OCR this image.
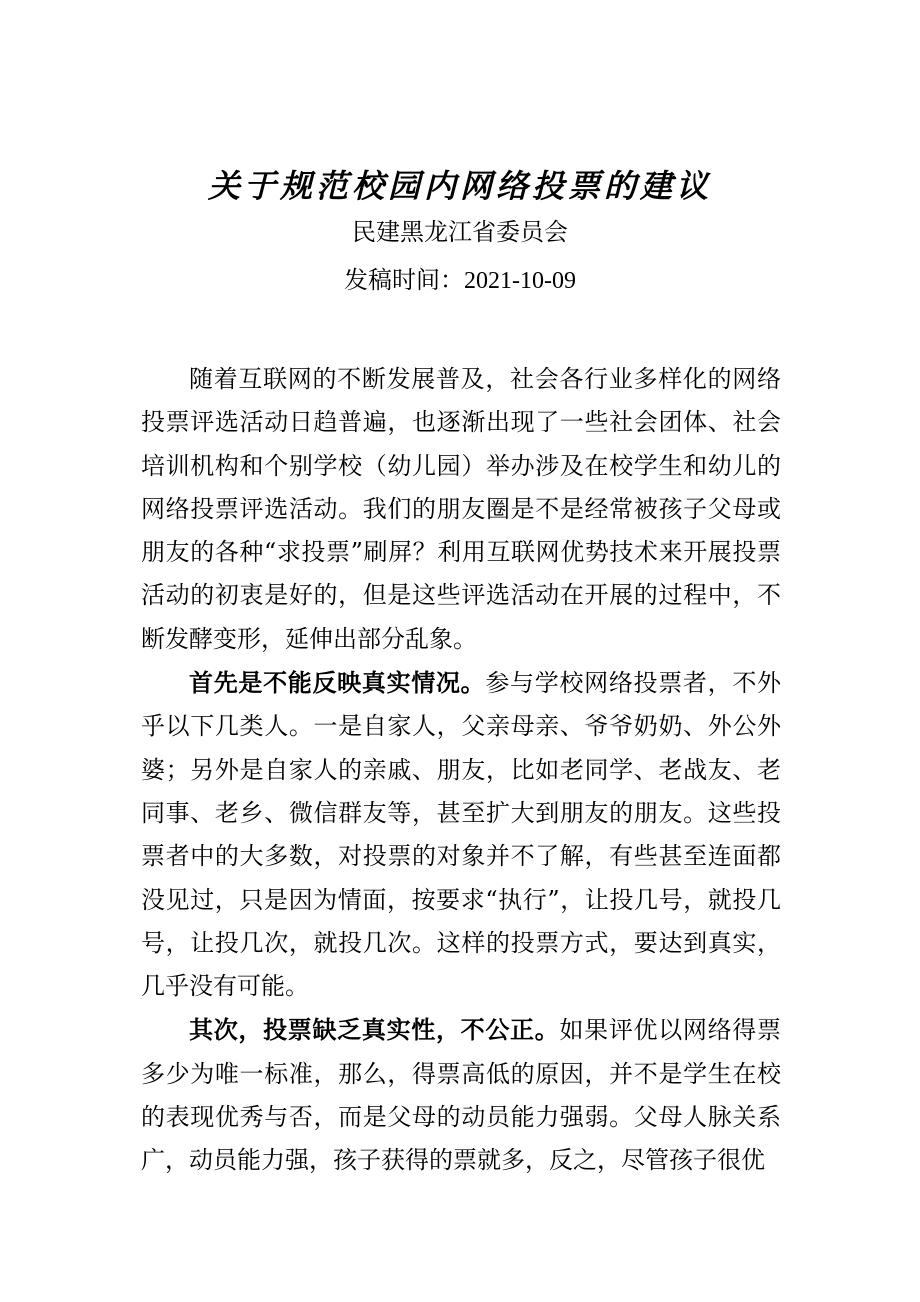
关于规范校园内网络投票的建议
民建黑龙江省委员会
发稿时间：2021-10-09

随着互联网的不断发展普及，社会各行业多样化的网络投票评选活动日趋普遍，也逐渐出现了一些社会团体、社会培训机构和个别学校（幼儿园）举办涉及在校学生和幼儿的网络投票评选活动。我们的朋友圈是不是经常被孩子父母或朋友的各种“求投票”刷屏？利用互联网优势技术来开展投票活动的初衷是好的，但是这些评选活动在开展的过程中，不断发酵变形，延伸出部分乱象。

首先是不能反映真实情况。参与学校网络投票者，不外乎以下几类人。一是自家人，父亲母亲、爷爷奶奶、外公外婆；另外是自家人的亲戚、朋友，比如老同学、老战友、老同事、老乡、微信群友等，甚至扩大到朋友的朋友。这些投票者中的大多数，对投票的对象并不了解，有些甚至连面都没见过，只是因为情面，按要求“执行”，让投几号，就投几号，让投几次，就投几次。这样的投票方式，要达到真实，几乎没有可能。

其次，投票缺乏真实性，不公正。如果评优以网络得票多少为唯一标准，那么，得票高低的原因，并不是学生在校的表现优秀与否，而是父母的动员能力强弱。父母人脉关系广，动员能力强，孩子获得的票就多，反之，尽管孩子很优
